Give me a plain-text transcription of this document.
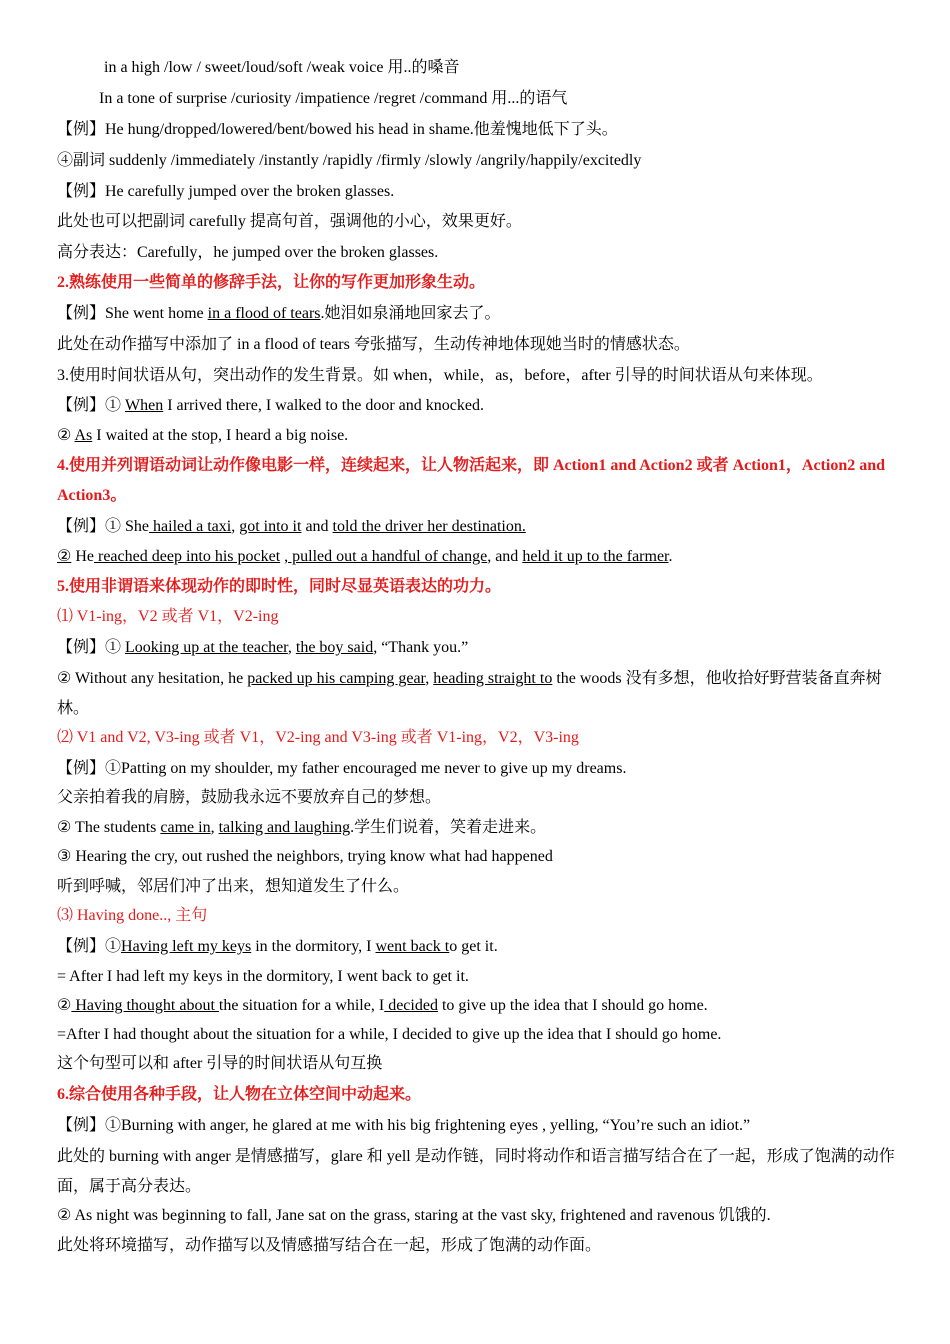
in a high /low / sweet/loud/soft /weak voice 用..的嗓音
In a tone of surprise /curiosity /impatience /regret /command 用...的语气
【例】He hung/dropped/lowered/bent/bowed his head in shame.他羞愧地低下了头。
④副词 suddenly /immediately /instantly /rapidly /firmly /slowly /angrily/happily/excitedly
【例】He carefully jumped over the broken glasses.
此处也可以把副词 carefully 提高句首，强调他的小心，效果更好。
高分表达：Carefully，he jumped over the broken glasses.
2.熟练使用一些简单的修辞手法，让你的写作更加形象生动。
【例】She went home in a flood of tears.她泪如泉涌地回家去了。
此处在动作描写中添加了 in a flood of tears 夸张描写，生动传神地体现她当时的情感状态。
3.使用时间状语从句，突出动作的发生背景。如 when，while，as，before，after 引导的时间状语从句来体现。
【例】① When I arrived there, I walked to the door and knocked.
② As I waited at the stop, I heard a big noise.
4.使用并列谓语动词让动作像电影一样，连续起来，让人物活起来，即 Action1 and Action2 或者 Action1，Action2 and Action3。
【例】① She hailed a taxi, got into it and told the driver her destination.
② He reached deep into his pocket , pulled out a handful of change, and held it up to the farmer.
5.使用非谓语来体现动作的即时性，同时尽显英语表达的功力。
⑴ V1-ing，V2 或者 V1，V2-ing
【例】① Looking up at the teacher, the boy said, “Thank you.”
② Without any hesitation, he packed up his camping gear, heading straight to the woods 没有多想，他收拾好野营装备直奔树林。
⑵ V1 and V2, V3-ing 或者 V1，V2-ing and V3-ing 或者 V1-ing，V2，V3-ing
【例】①Patting on my shoulder, my father encouraged me never to give up my dreams.
父亲拍着我的肩膀，鼓励我永远不要放弃自己的梦想。
② The students came in, talking and laughing.学生们说着，笑着走进来。
③ Hearing the cry, out rushed the neighbors, trying know what had happened
听到呼喊，邻居们冲了出来，想知道发生了什么。
⑶ Having done.., 主句
【例】①Having left my keys in the dormitory, I went back to get it.
= After I had left my keys in the dormitory, I went back to get it.
② Having thought about the situation for a while, I decided to give up the idea that I should go home.
=After I had thought about the situation for a while, I decided to give up the idea that I should go home.
这个句型可以和 after 引导的时间状语从句互换
6.综合使用各种手段，让人物在立体空间中动起来。
【例】①Burning with anger, he glared at me with his big frightening eyes , yelling, “You’re such an idiot.”
此处的 burning with anger 是情感描写，glare 和 yell 是动作链，同时将动作和语言描写结合在了一起，形成了饱满的动作面，属于高分表达。
② As night was beginning to fall, Jane sat on the grass, staring at the vast sky, frightened and ravenous 饥饿的.
此处将环境描写，动作描写以及情感描写结合在一起，形成了饱满的动作面。
